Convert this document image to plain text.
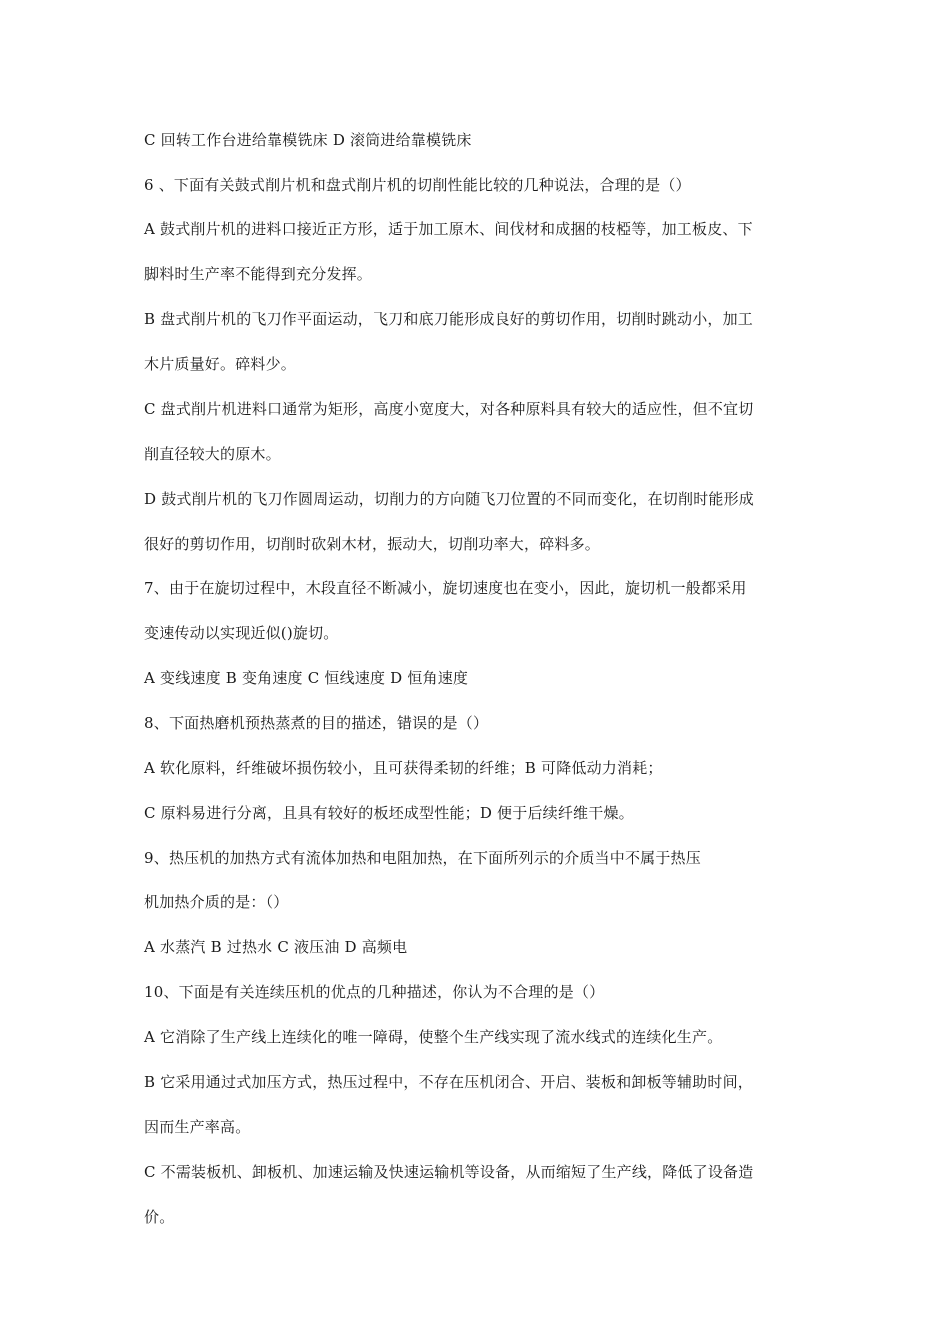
C 回转工作台进给靠模铣床 D 滚筒进给靠模铣床
6 、下面有关鼓式削片机和盘式削片机的切削性能比较的几种说法，合理的是（）
A 鼓式削片机的进料口接近正方形，适于加工原木、间伐材和成捆的枝椏等，加工板皮、下
脚料时生产率不能得到充分发挥。
B 盘式削片机的飞刀作平面运动，飞刀和底刀能形成良好的剪切作用，切削时跳动小，加工
木片质量好。碎料少。
C 盘式削片机进料口通常为矩形，高度小宽度大，对各种原料具有较大的适应性，但不宜切
削直径较大的原木。
D 鼓式削片机的飞刀作圆周运动，切削力的方向随飞刀位置的不同而变化，在切削时能形成
很好的剪切作用，切削时砍剁木材，振动大，切削功率大，碎料多。
7、由于在旋切过程中，木段直径不断减小，旋切速度也在变小，因此，旋切机一般都采用
变速传动以实现近似()旋切。
A 变线速度 B 变角速度 C 恒线速度 D 恒角速度
8、下面热磨机预热蒸煮的目的描述，错误的是（）
A 软化原料，纤维破坏损伤较小，且可获得柔韧的纤维；B 可降低动力消耗；
C 原料易进行分离，且具有较好的板坯成型性能；D 便于后续纤维干燥。
9、热压机的加热方式有流体加热和电阻加热，在下面所列示的介质当中不属于热压
机加热介质的是：（）
A 水蒸汽 B 过热水 C 液压油 D 高频电
10、下面是有关连续压机的优点的几种描述，你认为不合理的是（）
A 它消除了生产线上连续化的唯一障碍，使整个生产线实现了流水线式的连续化生产。
B 它采用通过式加压方式，热压过程中，不存在压机闭合、开启、装板和卸板等辅助时间，
因而生产率高。
C 不需装板机、卸板机、加速运输及快速运输机等设备，从而缩短了生产线，降低了设备造
价。
